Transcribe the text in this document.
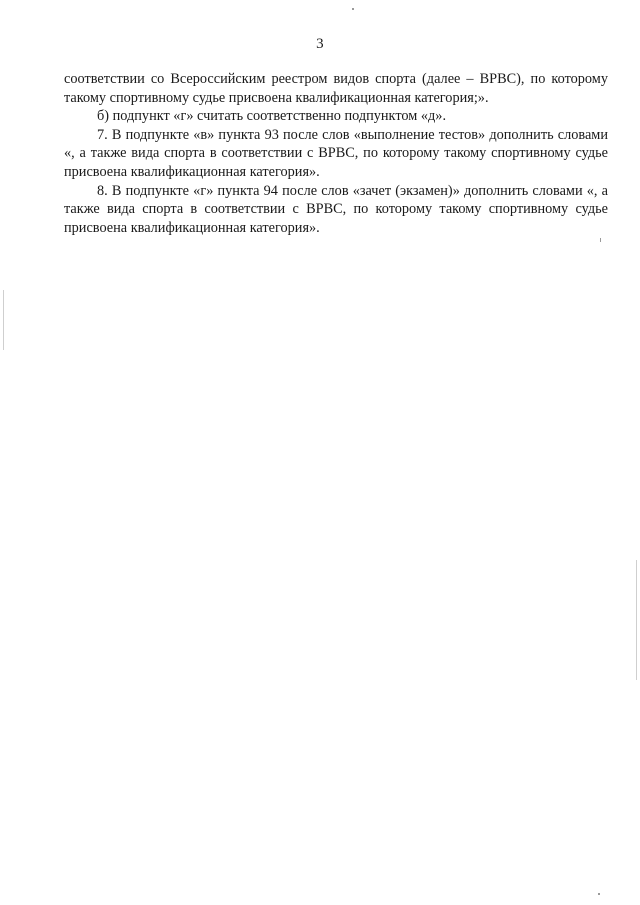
3

соответствии со Всероссийским реестром видов спорта (далее – ВРВС), по которому такому спортивному судье присвоена квалификационная категория;».

б) подпункт «г» считать соответственно подпунктом «д».

7. В подпункте «в» пункта 93 после слов «выполнение тестов» дополнить словами «, а также вида спорта в соответствии с ВРВС, по которому такому спортивному судье присвоена квалификационная категория».

8. В подпункте «г» пункта 94 после слов «зачет (экзамен)» дополнить словами «, а также вида спорта в соответствии с ВРВС, по которому такому спортивному судье присвоена квалификационная категория».
